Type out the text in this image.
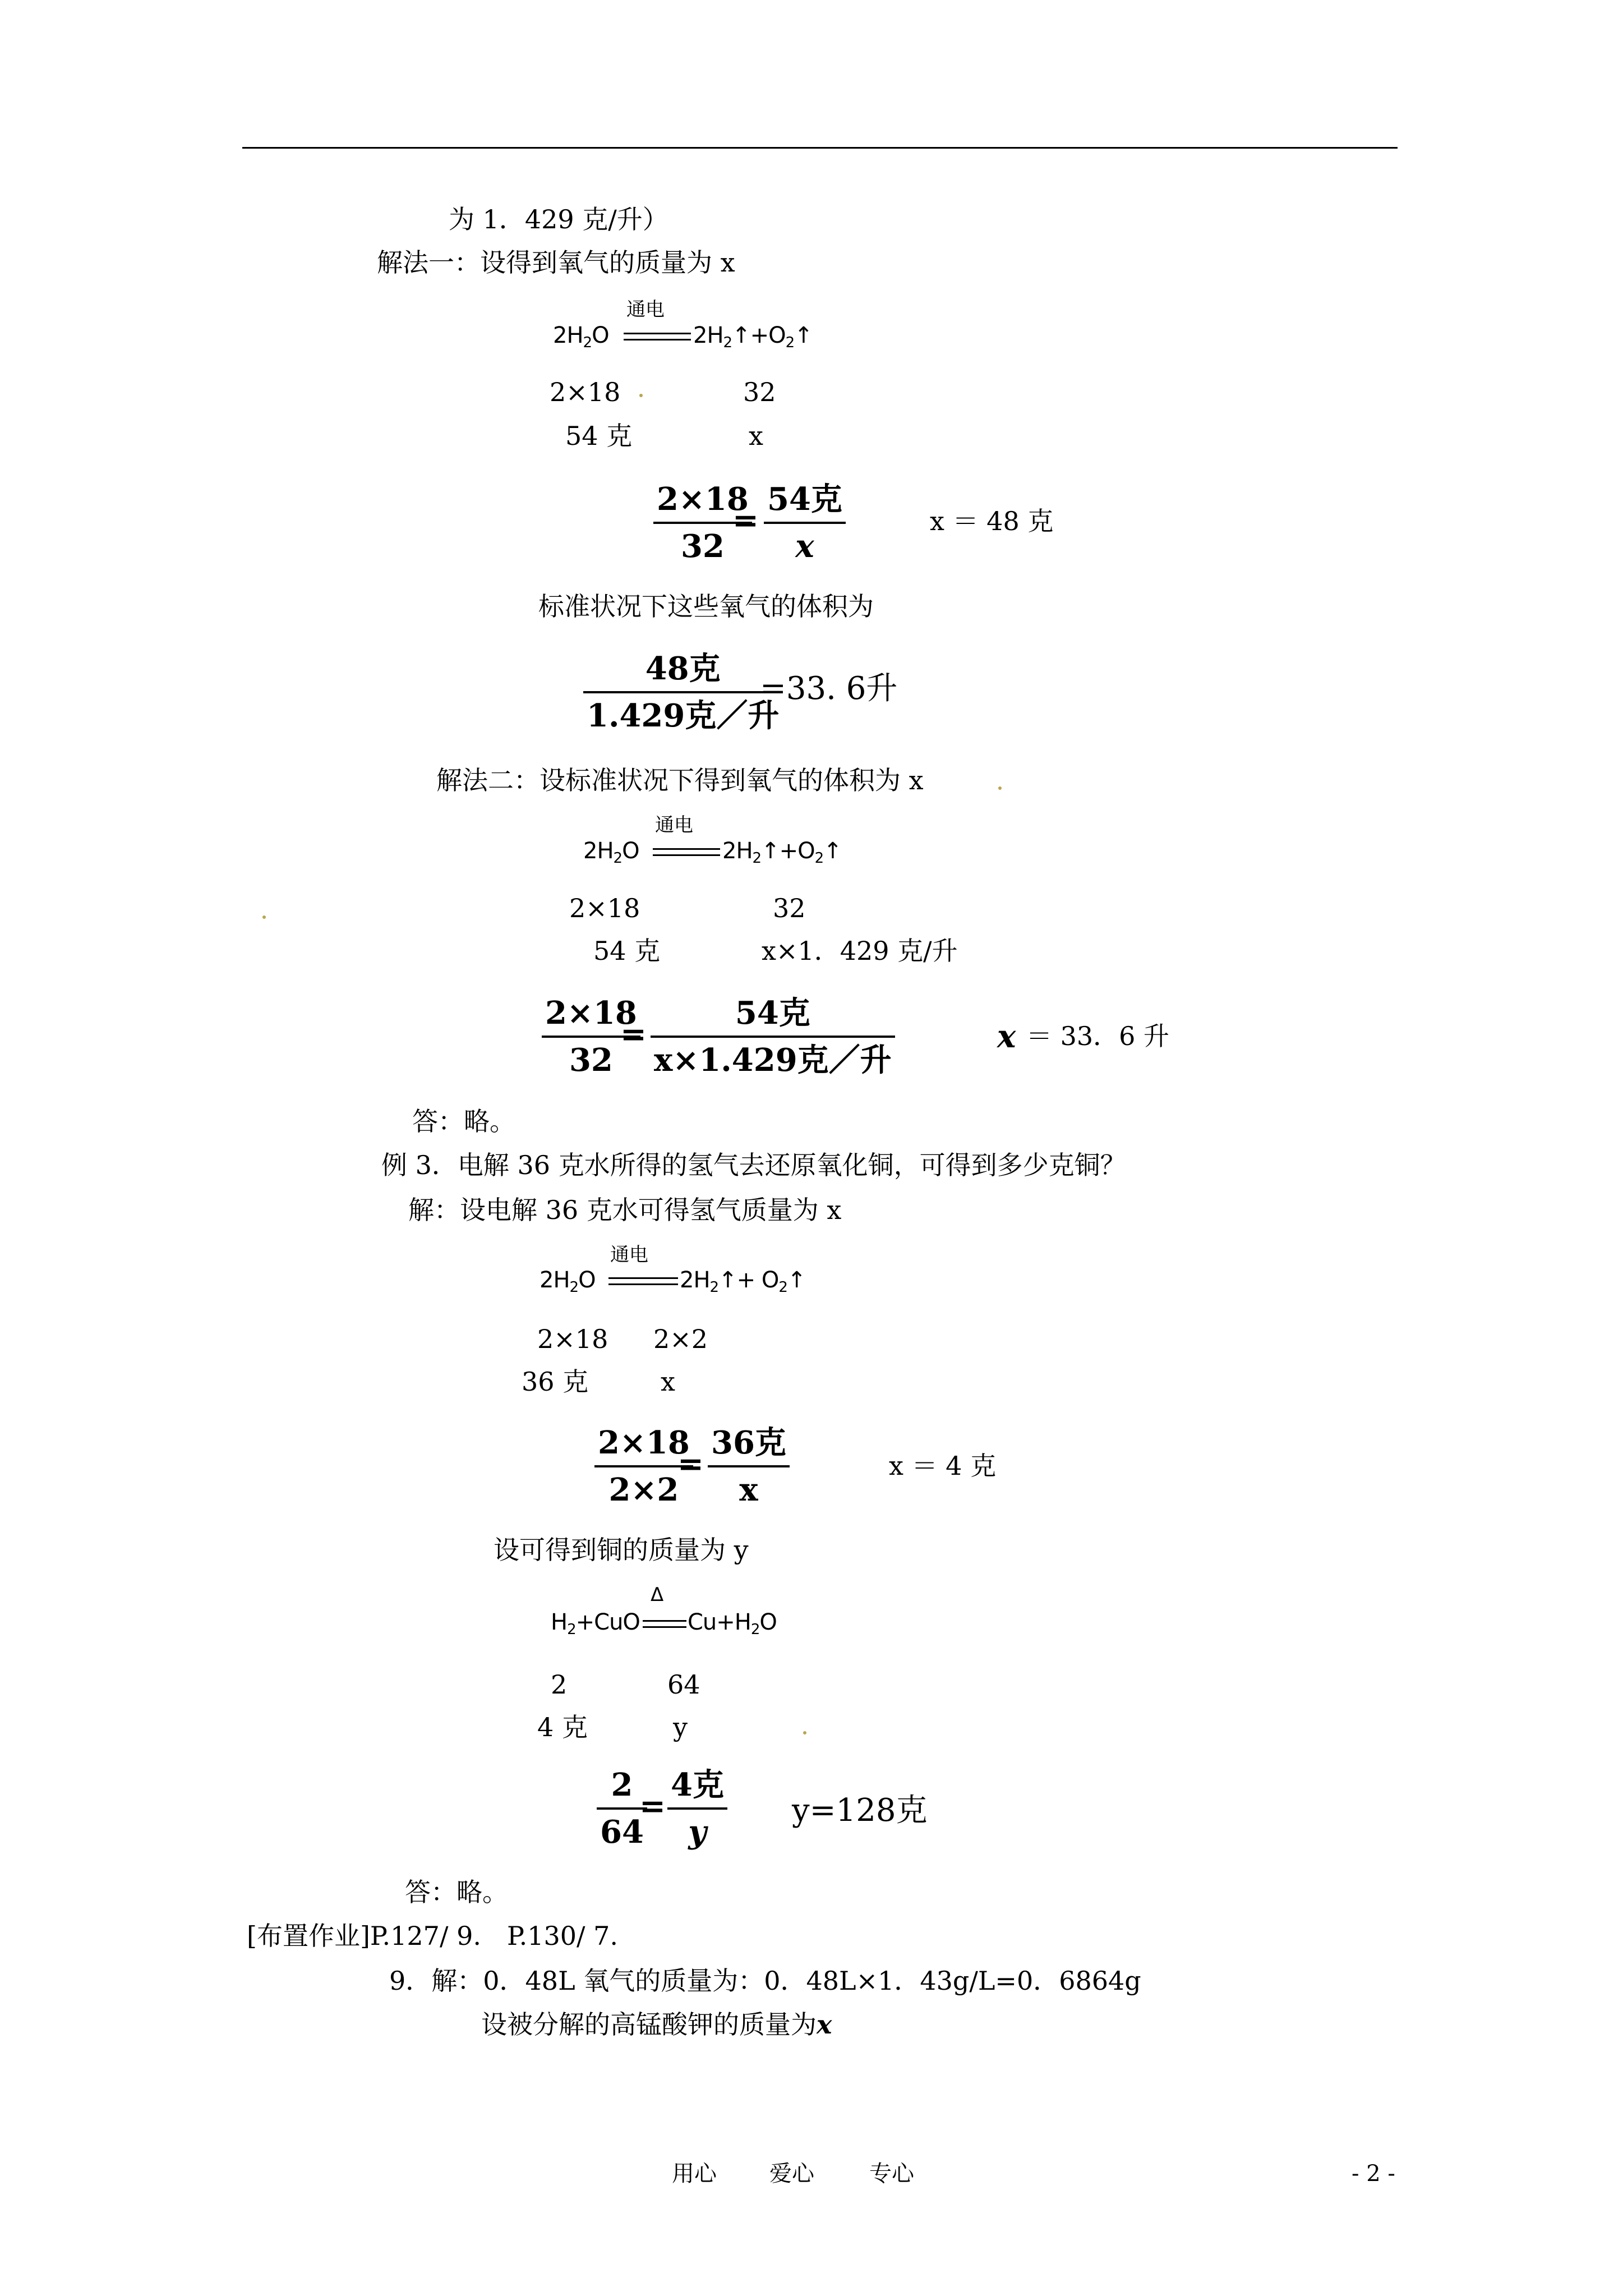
为 1．429 克/升）
解法一：设得到氧气的质量为 x
$2H_2O$
通电
$2H_2↑+O_2↑$
2×18	32
54 克	x
$\frac{2\times 18}{32}$
=
54克
x
x ＝ 48 克
标准状况下这些氧气的体积为
48克
1.429克／升
=33. 6升
解法二：设标准状况下得到氧气的体积为 x
$2H_2O$
通电
$2H_2↑+O_2↑$
2×18	32
54 克	x×1．429 克/升
$\frac{2\times 18}{32}$
=
54克
x×1.429克／升
x ＝ 33．6 升
答：略。
例 3．电解 36 克水所得的氢气去还原氧化铜，可得到多少克铜？
解：设电解 36 克水可得氢气质量为 x
$2H_2O$
通电
$2H_2↑+$ $O_2↑$
2×18 2×2
36 克	x
$\frac{2\times 18}{2\times 2}$
=
36克
x
x ＝ 4 克
设可得到铜的质量为 y
$H_2+CuO$
Δ
$Cu+H_2O$
2	64
4 克	y
$\frac{2}{64}$
=
4克
y
y=128克
答：略。
[布置作业]P.127/ 9.　P.130/ 7.
9．解：0．48L 氧气的质量为：0．48L×1．43g/L=0．6864g
设被分解的高锰酸钾的质量为x
用心 爱心 专心	- 2 -
